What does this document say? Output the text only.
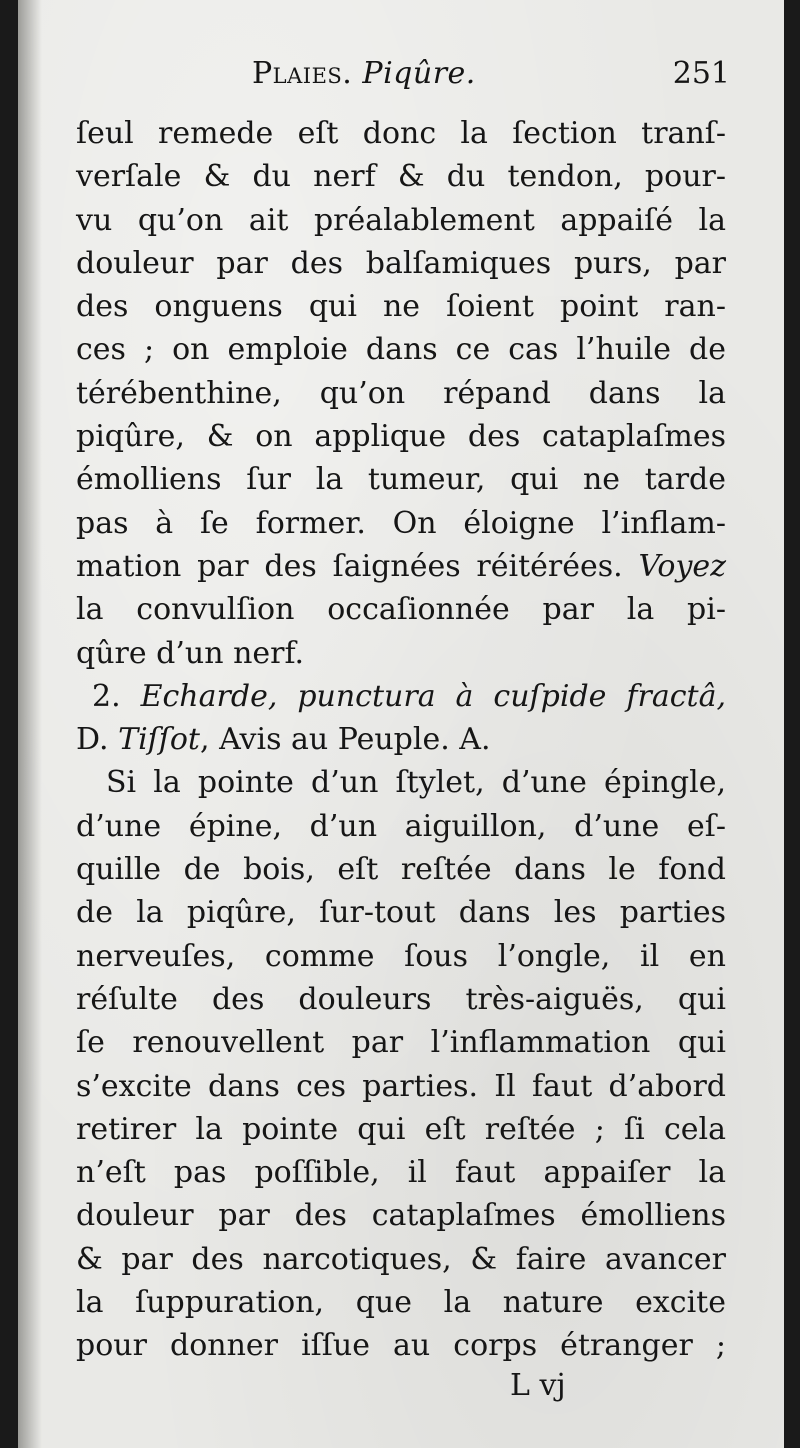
Plaies. Piqûre.	251
ſeul remede eſt donc la ſection tranſ-
verſale & du nerf & du tendon, pour-
vu qu’on ait préalablement appaiſé la
douleur par des balſamiques purs, par
des onguens qui ne ſoient point ran-
ces ; on emploie dans ce cas l’huile de
térébenthine, qu’on répand dans la
piqûre, & on applique des cataplaſmes
émolliens ſur la tumeur, qui ne tarde
pas à ſe former. On éloigne l’inflam-
mation par des ſaignées réitérées. Voyez
la convulſion occaſionnée par la pi-
qûre d’un nerf.
2. Echarde, punctura à cuſpide fractâ,
D. Tiſſot, Avis au Peuple. A.
Si la pointe d’un ſtylet, d’une épingle,
d’une épine, d’un aiguillon, d’une eſ-
quille de bois, eſt reſtée dans le fond
de la piqûre, ſur-tout dans les parties
nerveuſes, comme ſous l’ongle, il en
réſulte des douleurs très-aiguës, qui
ſe renouvellent par l’inflammation qui
s’excite dans ces parties. Il faut d’abord
retirer la pointe qui eſt reſtée ; ſi cela
n’eſt pas poſſible, il faut appaiſer la
douleur par des cataplaſmes émolliens
& par des narcotiques, & faire avancer
la ſuppuration, que la nature excite
pour donner iſſue au corps étranger ;
L vj
